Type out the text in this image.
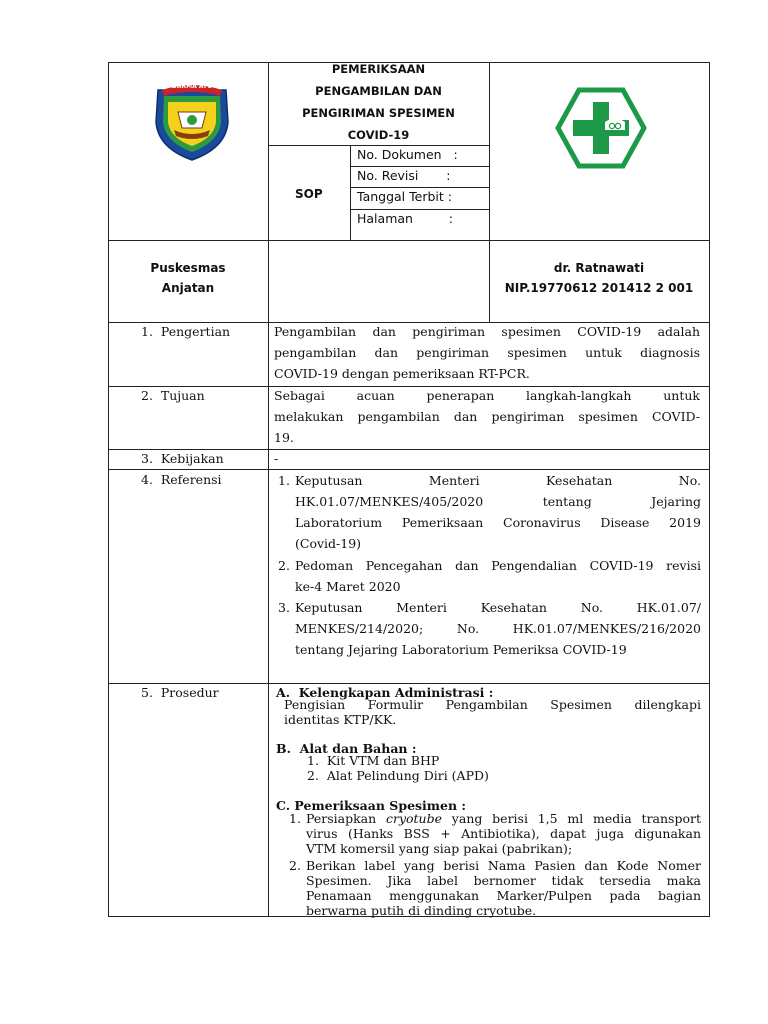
DARMA AYU
PEMERIKSAAN
PENGAMBILAN DAN
PENGIRIMAN SPESIMEN
COVID-19
SOP
No. Dokumen   :
No. Revisi       :
Tanggal Terbit :
Halaman         :
Puskesmas
Anjatan
dr. Ratnawati
NIP.19770612 201412 2 001
1.  Pengertian
2.  Tujuan
3.  Kebijakan
4.  Referensi
5.  Prosedur
Pengambilan dan pengiriman spesimen COVID-19 adalah
pengambilan dan pengiriman spesimen untuk diagnosis
COVID-19 dengan pemeriksaan RT-PCR.
Sebagai acuan penerapan langkah-langkah untuk
melakukan pengambilan dan pengiriman spesimen COVID-
19.
-
1. Keputusan Menteri Kesehatan No.
HK.01.07/MENKES/405/2020 tentang Jejaring
Laboratorium Pemeriksaan Coronavirus Disease 2019
(Covid-19)
2. Pedoman Pencegahan dan Pengendalian COVID-19 revisi
ke-4 Maret 2020
3. Keputusan Menteri Kesehatan No. HK.01.07/
MENKES/214/2020; No. HK.01.07/MENKES/216/2020
tentang Jejaring Laboratorium Pemeriksa COVID-19
A.  Kelengkapan Administrasi :
Pengisian Formulir Pengambilan Spesimen dilengkapi
identitas KTP/KK.
B.  Alat dan Bahan :
1.  Kit VTM dan BHP
2.  Alat Pelindung Diri (APD)
C. Pemeriksaan Spesimen :
1. Persiapkan cryotube yang berisi 1,5 ml media transport
virus (Hanks BSS + Antibiotika), dapat juga digunakan
VTM komersil yang siap pakai (pabrikan);
2. Berikan label yang berisi Nama Pasien dan Kode Nomer
Spesimen. Jika label bernomer tidak tersedia maka
Penamaan menggunakan Marker/Pulpen pada bagian
berwarna putih di dinding cryotube.
